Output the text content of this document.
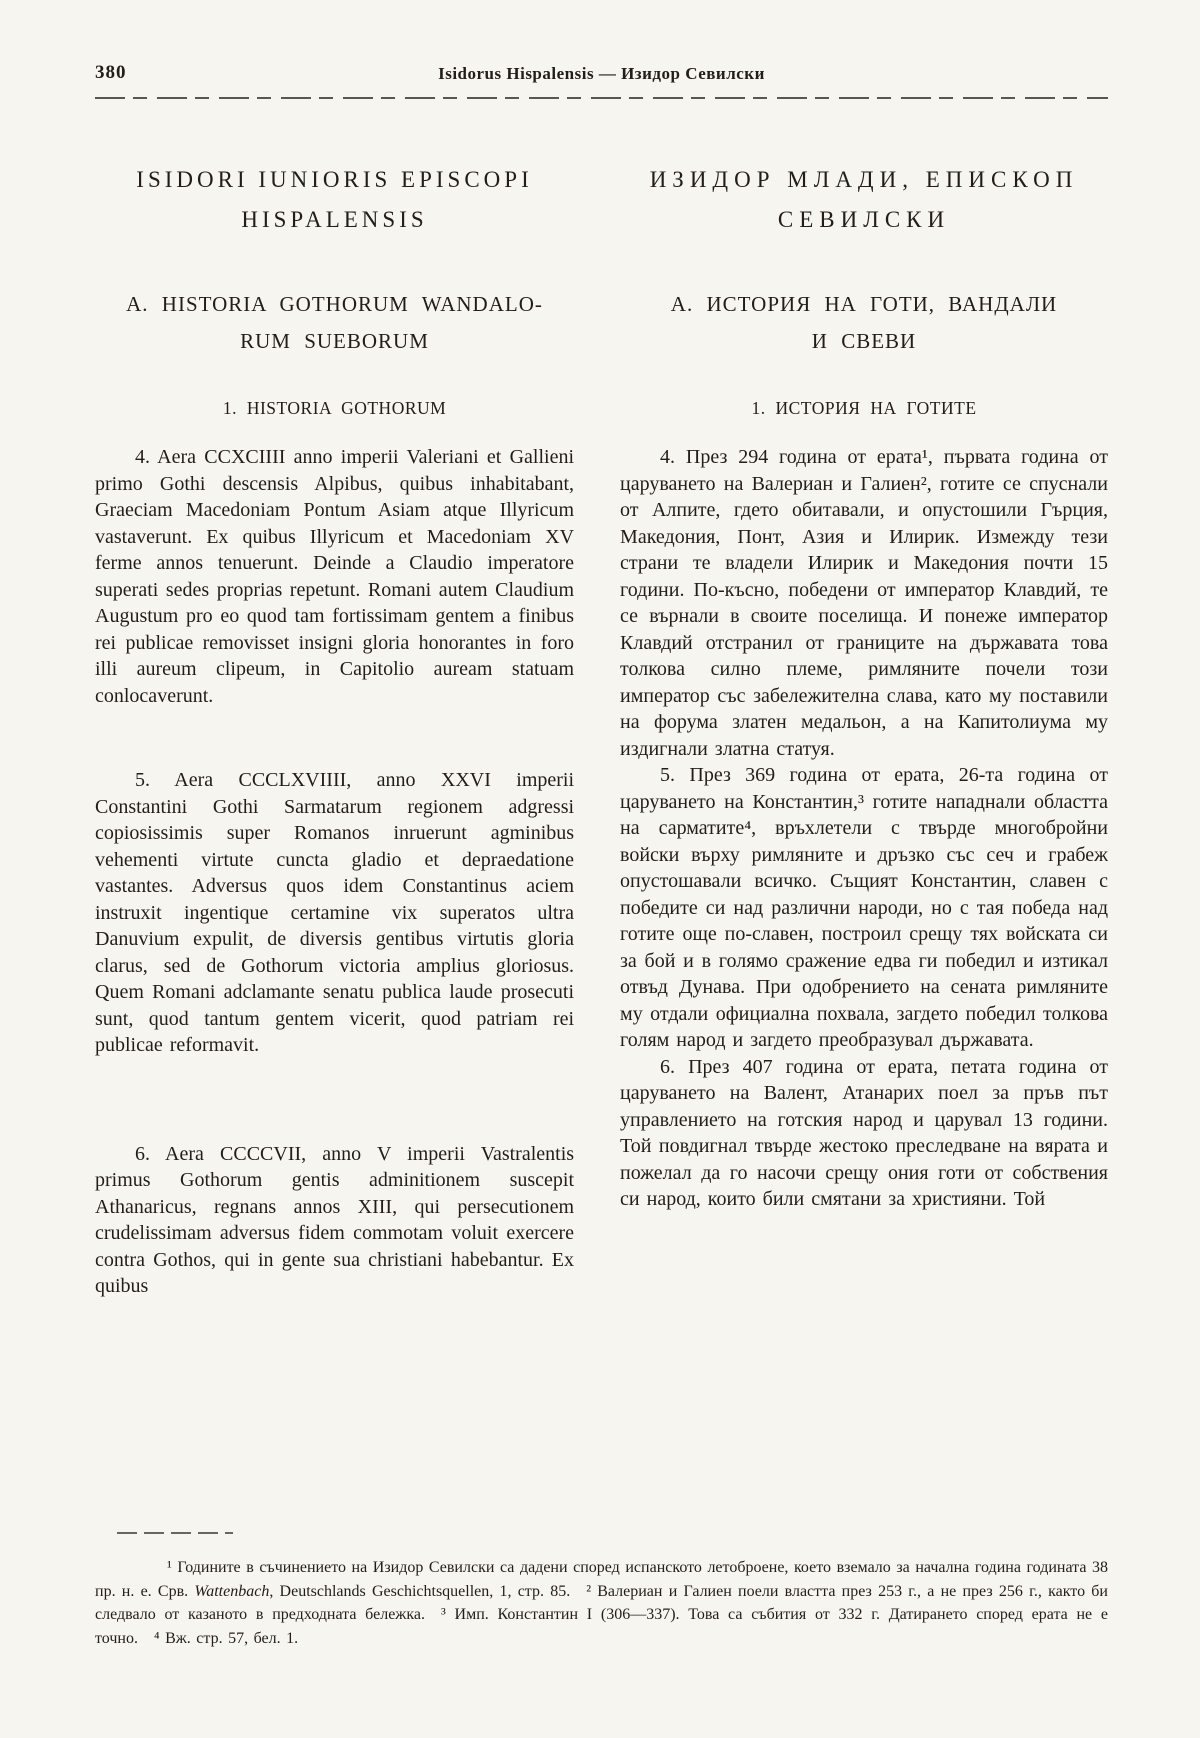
380	Isidorus Hispalensis — Изидор Севилски
ISIDORI IUNIORIS EPISCOPI
HISPALENSIS
A. HISTORIA GOTHORUM WANDALO-
RUM SUEBORUM
1. HISTORIA GOTHORUM

4. Aera CCXCIIII anno imperii Valeriani et Gallieni primo Gothi descensis Alpibus, quibus inhabitabant, Graeciam Macedoniam Pontum Asiam atque Illyricum vastaverunt. Ex quibus Illyricum et Macedoniam XV ferme annos tenuerunt. Deinde a Claudio imperatore superati sedes proprias repetunt. Romani autem Claudium Augustum pro eo quod tam fortissimam gentem a finibus rei publicae removisset insigni gloria honorantes in foro illi aureum clipeum, in Capitolio auream statuam conlocaverunt.

5. Aera CCCLXVIIII, anno XXVI imperii Constantini Gothi Sarmatarum regionem adgressi copiosissimis super Romanos inruerunt agminibus vehementi virtute cuncta gladio et depraedatione vastantes. Adversus quos idem Constantinus aciem instruxit ingentique certamine vix superatos ultra Danuvium expulit, de diversis gentibus virtutis gloria clarus, sed de Gothorum victoria amplius gloriosus. Quem Romani adclamante senatu publica laude prosecuti sunt, quod tantum gentem vicerit, quod patriam rei publicae reformavit.

6. Aera CCCCVII, anno V imperii Vastralentis primus Gothorum gentis adminitionem suscepit Athanaricus, regnans annos XIII, qui persecutionem crudelissimam adversus fidem commotam voluit exercere contra Gothos, qui in gente sua christiani habebantur. Ex quibus

ИЗИДОР МЛАДИ, ЕПИСКОП
СЕВИЛСКИ
А. ИСТОРИЯ НА ГОТИ, ВАНДАЛИ
И СВЕВИ
1. ИСТОРИЯ НА ГОТИТЕ

4. През 294 година от ерата¹, първата година от царуването на Валериан и Галиен², готите се спуснали от Алпите, гдето обитавали, и опустошили Гърция, Македония, Понт, Азия и Илирик. Измежду тези страни те владели Илирик и Македония почти 15 години. По-късно, победени от император Клавдий, те се върнали в своите поселища. И понеже император Клавдий отстранил от границите на държавата това толкова силно племе, римляните почели този император със забележителна слава, като му поставили на форума златен медальон, а на Капитолиума му издигнали златна статуя.

5. През 369 година от ерата, 26-та година от царуването на Константин,³ готите нападнали областта на сарматите⁴, връхлетели с твърде многобройни войски върху римляните и дръзко със сеч и грабеж опустошавали всичко. Същият Константин, славен с победите си над различни народи, но с тая победа над готите още по-славен, построил срещу тях войската си за бой и в голямо сражение едва ги победил и изтикал отвъд Дунава. При одобрението на сената римляните му отдали официална похвала, загдето победил толкова голям народ и загдето преобразувал държавата.

6. През 407 година от ерата, петата година от царуването на Валент, Атанарих поел за пръв път управлението на готския народ и царувал 13 години. Той повдигнал твърде жестоко преследване на вярата и пожелал да го насочи срещу ония готи от собствения си народ, които били смятани за християни. Той

¹ Годините в съчинението на Изидор Севилски са дадени според испанското летоброене, което вземало за начална година годината 38 пр. н. е. Срв. Wattenbach, Deutschlands Geschichtsquellen, 1, стр. 85. ² Валериан и Галиен поели властта през 253 г., а не през 256 г., както би следвало от казаното в предходната бележка. ³ Имп. Константин I (306—337). Това са събития от 332 г. Датирането според ерата не е точно. ⁴ Вж. стр. 57, бел. 1.
